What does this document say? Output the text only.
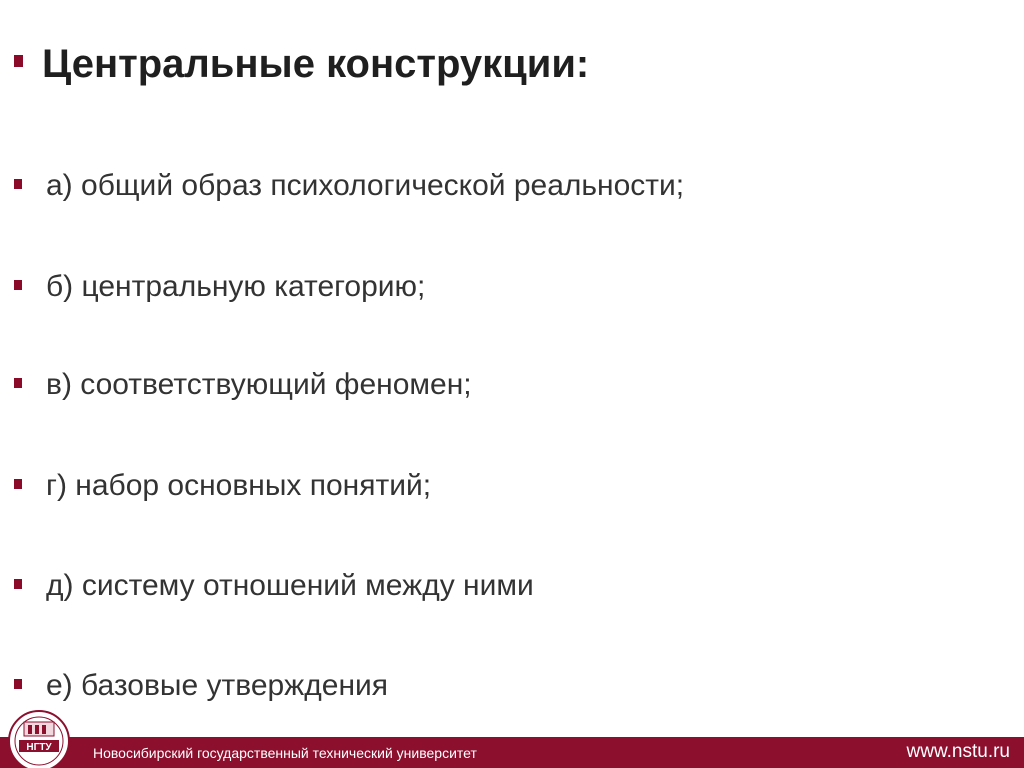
Центральные конструкции:
а) общий образ психологической реальности;
б) центральную категорию;
в) соответствующий феномен;
г) набор основных понятий;
д) систему отношений между ними
е) базовые утверждения
Новосибирский государственный технический университет	www.nstu.ru
НГТУ
